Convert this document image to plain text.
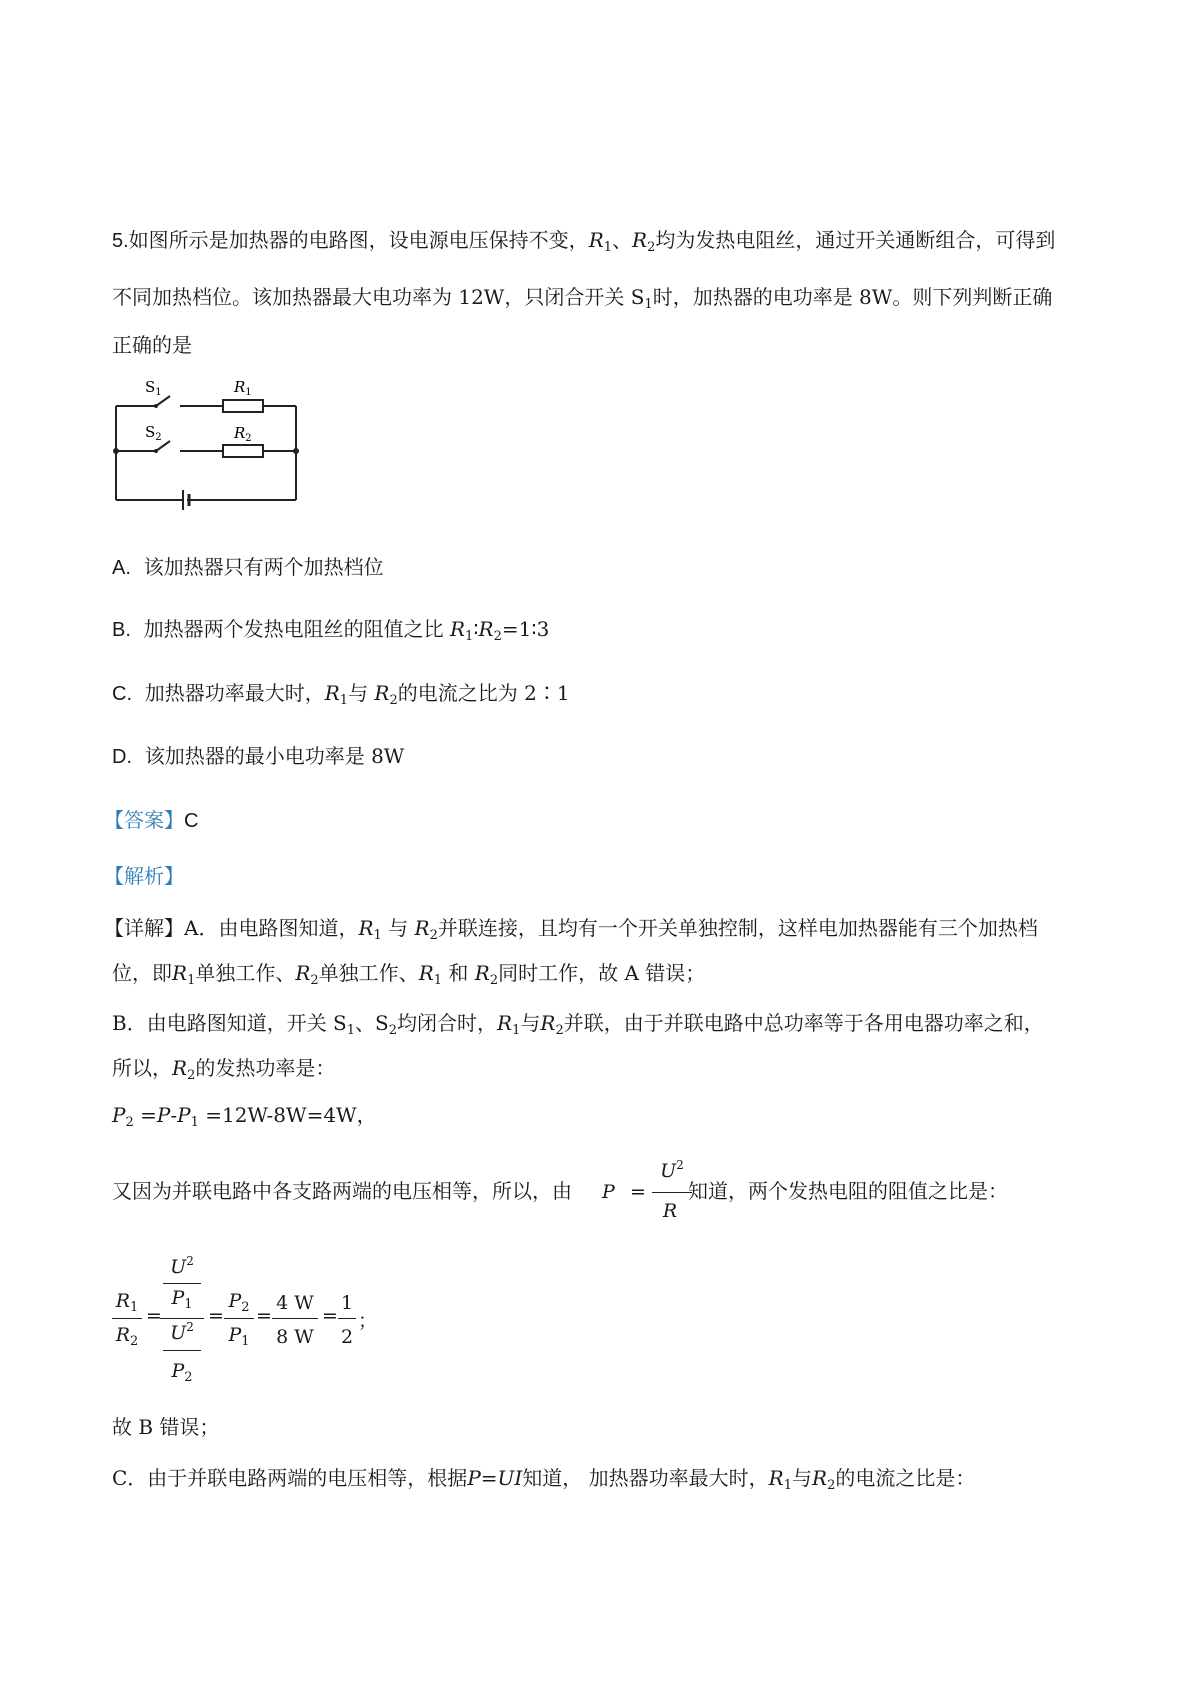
5.如图所示是加热器的电路图，设电源电压保持不变，$R_1$、$R_2$均为发热电阻丝，通过开关通断组合，可得到
不同加热档位。该加热器最大电功率为 12W，只闭合开关 $S_1$时，加热器的电功率是 8W。则下列判断正确
正确的是
$S_1$
$S_2$
$R_1$
$R_2$
A. 该加热器只有两个加热档位
B. 加热器两个发热电阻丝的阻值之比 $R_1∶R_2=1∶3$
C. 加热器功率最大时，$R_1$与 $R_2$的电流之比为 2∶1
D. 该加热器的最小电功率是 8W
【答案】C
【解析】
【详解】A．由电路图知道，$R_1$ 与 $R_2$并联连接，且均有一个开关单独控制，这样电加热器能有三个加热档
位，即$R_1$单独工作、$R_2$单独工作、$R_1$ 和 $R_2$同时工作，故 A 错误；
B．由电路图知道，开关 $S_1$、$S_2$均闭合时，$R_1$与$R_2$并联，由于并联电路中总功率等于各用电器功率之和，
所以，$R_2$的发热功率是：
$P_2 =P-P_1 =12W-8W=4W$，
又因为并联电路中各支路两端的电压相等，所以，由 P =
$U^2$
R
知道，两个发热电阻的阻值之比是：
$R_1$
$R_2$
=
$U^2$
$P_1$
$U^2$
$P_2$
=
$P_2$
$P_1$
=
4 W
8 W
=
1
2
；
故 B 错误；
C．由于并联电路两端的电压相等，根据P=UI知道， 加热器功率最大时，$R_1$与$R_2$的电流之比是：
